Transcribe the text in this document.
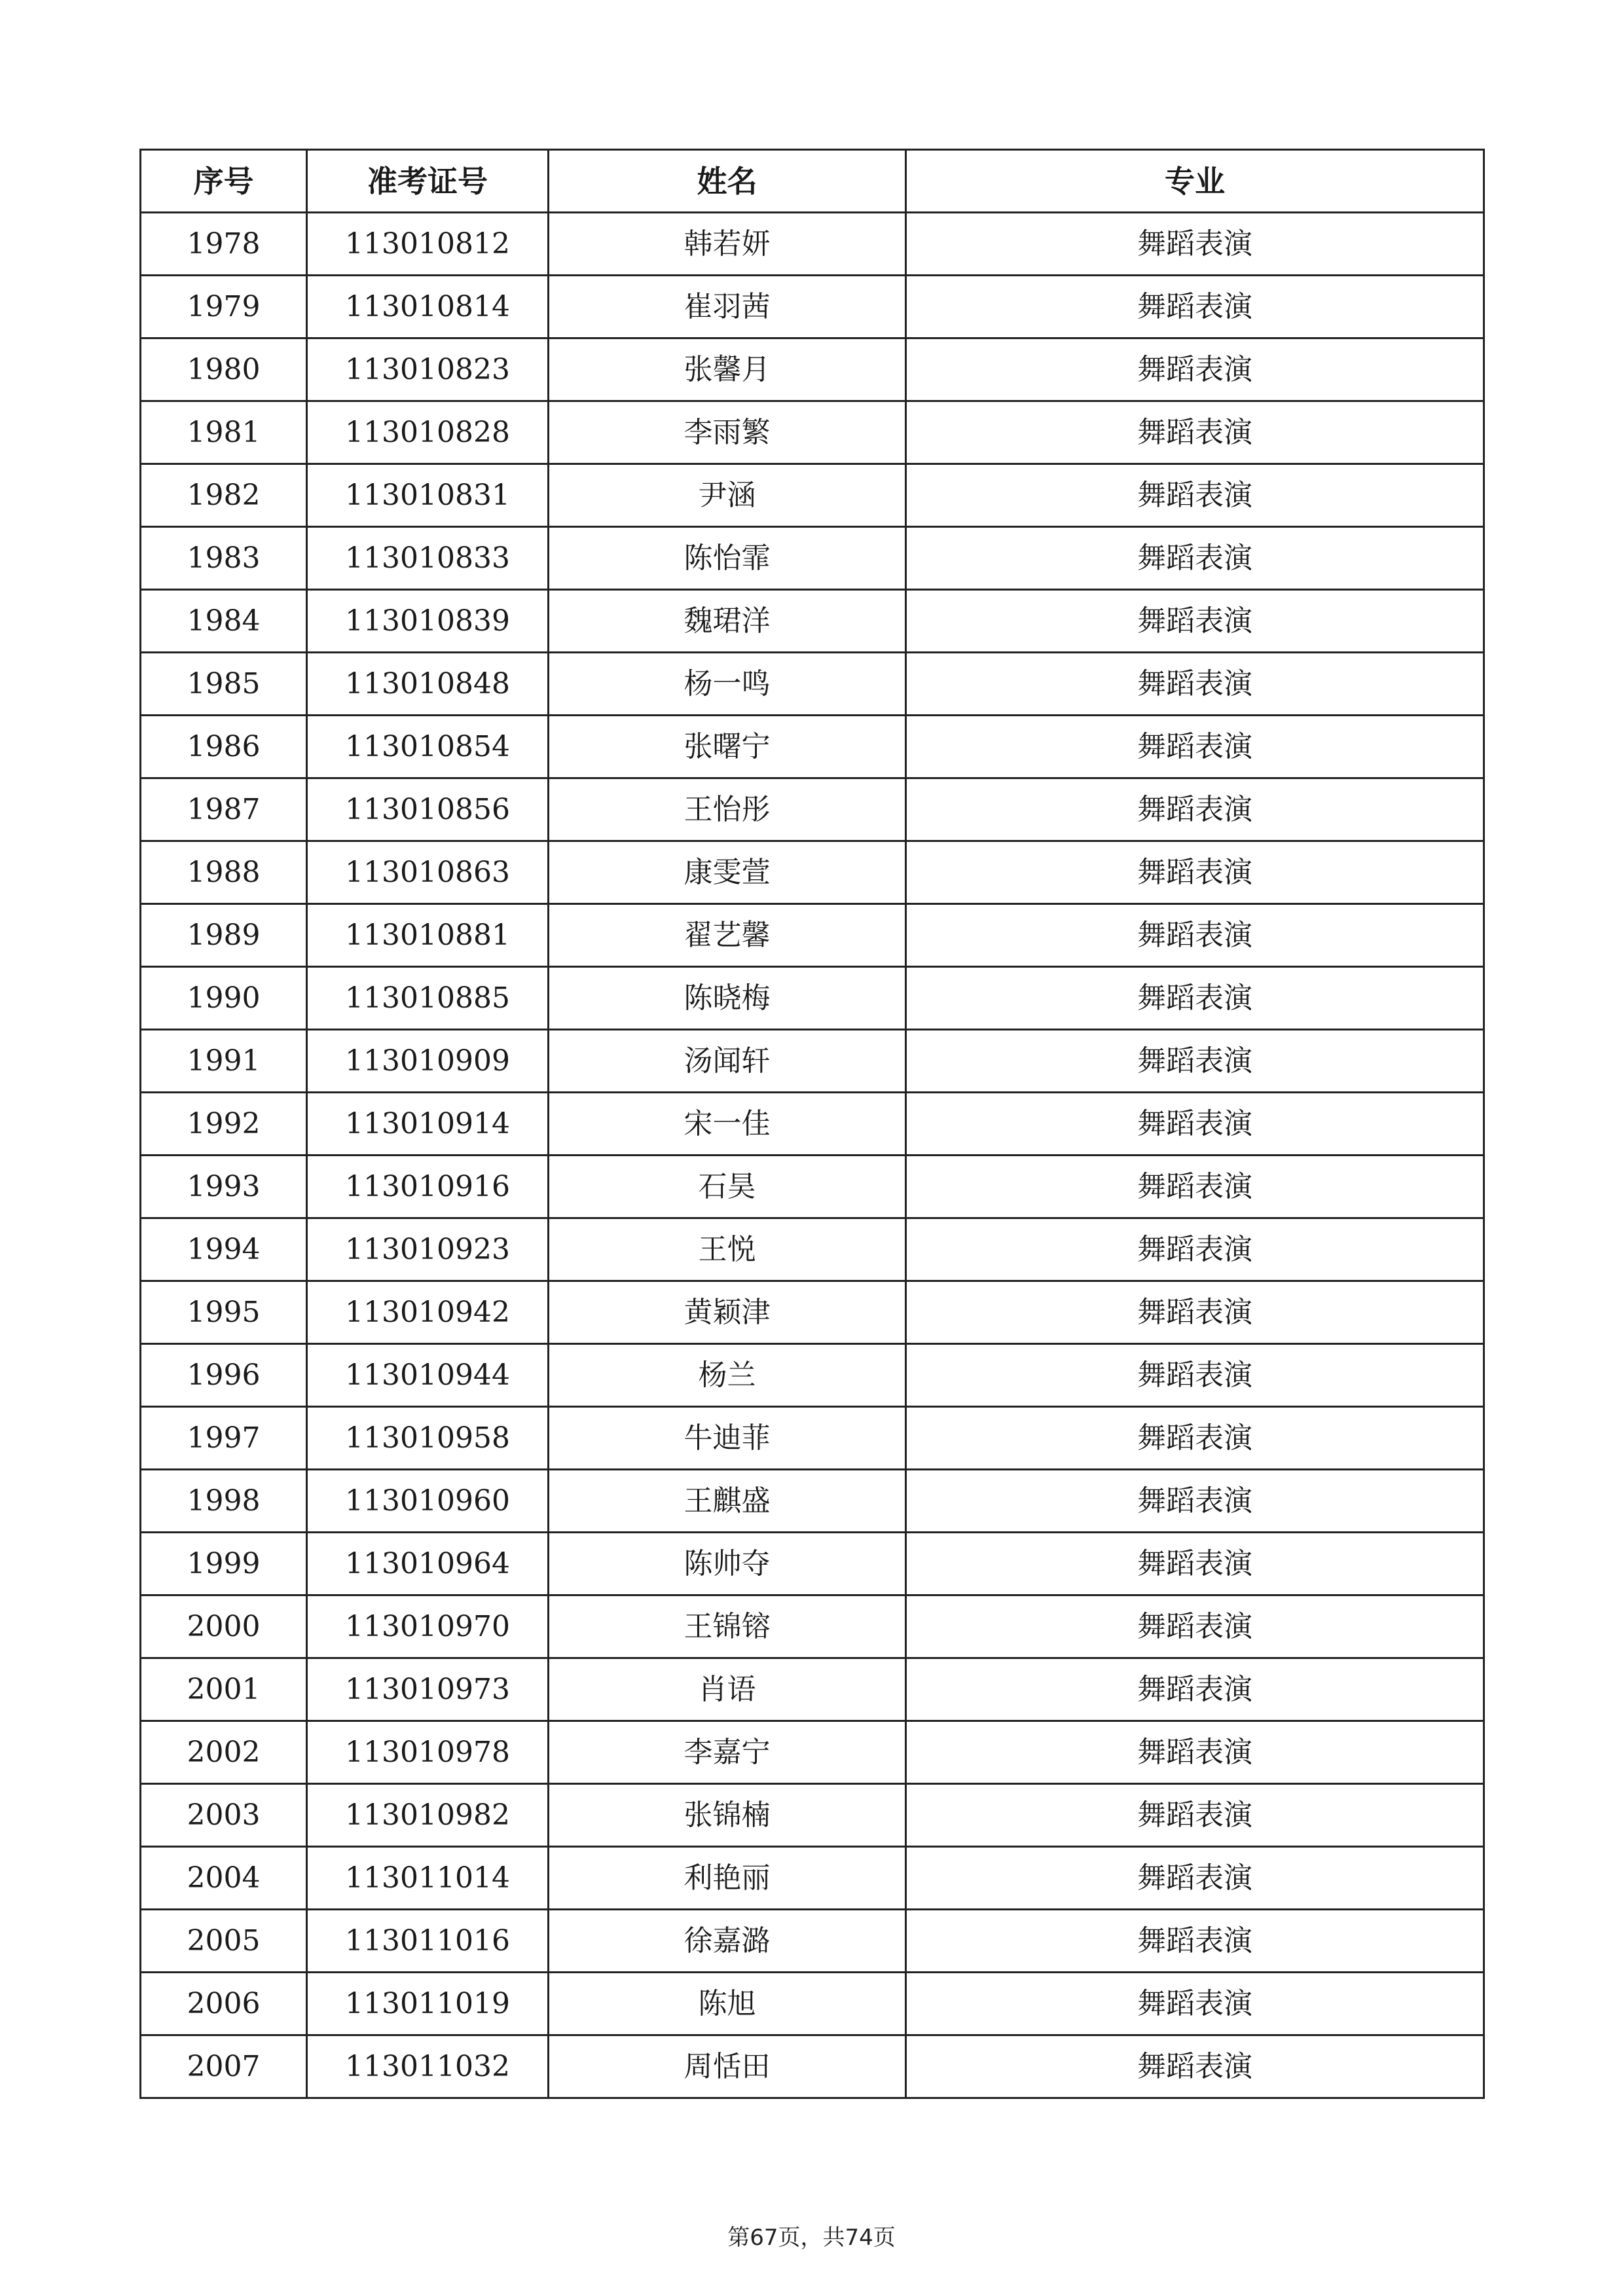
序号	准考证号	姓名	专业
1978	113010812	韩若妍	舞蹈表演
1979	113010814	崔羽茜	舞蹈表演
1980	113010823	张馨月	舞蹈表演
1981	113010828	李雨繁	舞蹈表演
1982	113010831	尹涵	舞蹈表演
1983	113010833	陈怡霏	舞蹈表演
1984	113010839	魏珺洋	舞蹈表演
1985	113010848	杨一鸣	舞蹈表演
1986	113010854	张曙宁	舞蹈表演
1987	113010856	王怡彤	舞蹈表演
1988	113010863	康雯萱	舞蹈表演
1989	113010881	翟艺馨	舞蹈表演
1990	113010885	陈晓梅	舞蹈表演
1991	113010909	汤闻轩	舞蹈表演
1992	113010914	宋一佳	舞蹈表演
1993	113010916	石昊	舞蹈表演
1994	113010923	王悦	舞蹈表演
1995	113010942	黄颖津	舞蹈表演
1996	113010944	杨兰	舞蹈表演
1997	113010958	牛迪菲	舞蹈表演
1998	113010960	王麒盛	舞蹈表演
1999	113010964	陈帅夺	舞蹈表演
2000	113010970	王锦镕	舞蹈表演
2001	113010973	肖语	舞蹈表演
2002	113010978	李嘉宁	舞蹈表演
2003	113010982	张锦楠	舞蹈表演
2004	113011014	利艳丽	舞蹈表演
2005	113011016	徐嘉潞	舞蹈表演
2006	113011019	陈旭	舞蹈表演
2007	113011032	周恬田	舞蹈表演
第67页，共74页
